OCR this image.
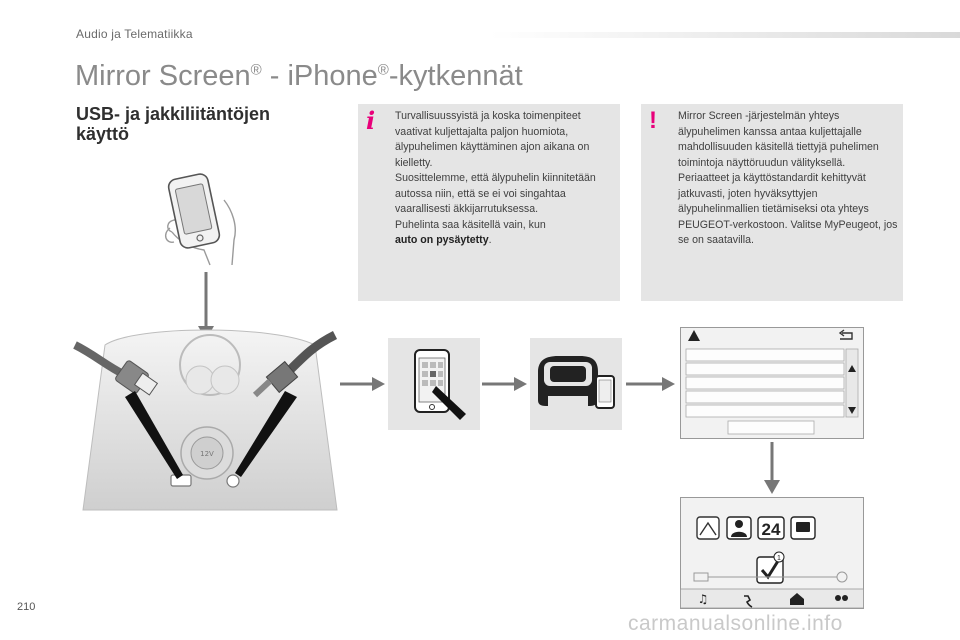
Audio ja Telematiikka
Mirror Screen® - iPhone®-kytkennät
USB- ja jakkiliitäntöjen
käyttö	i Turvallisuussyistä ja koska toimenpiteet vaativat kuljettajalta paljon huomiota, älypuhelimen käyttäminen ajon aikana on kielletty.

Suosittelemme, että älypuhelin kiinnitetään autossa niin, että se ei voi singahtaa vaarallisesti äkkijarrutuksessa.

Puhelinta saa käsitellä vain, kun
auto on pysäytetty.

! Mirror Screen -järjestelmän yhteys älypuhelimen kanssa antaa kuljettajalle mahdollisuuden käsitellä tiettyjä puhelimen toimintoja näyttöruudun välityksellä.

Periaatteet ja käyttöstandardit kehittyvät jatkuvasti, joten hyväksyttyjen älypuhelinmallien tietämiseksi ota yhteys PEUGEOT-verkostoon. Valitse MyPeugeot, jos se on saatavilla.

12V
24
1
♫
210
carmanualsonline.info
